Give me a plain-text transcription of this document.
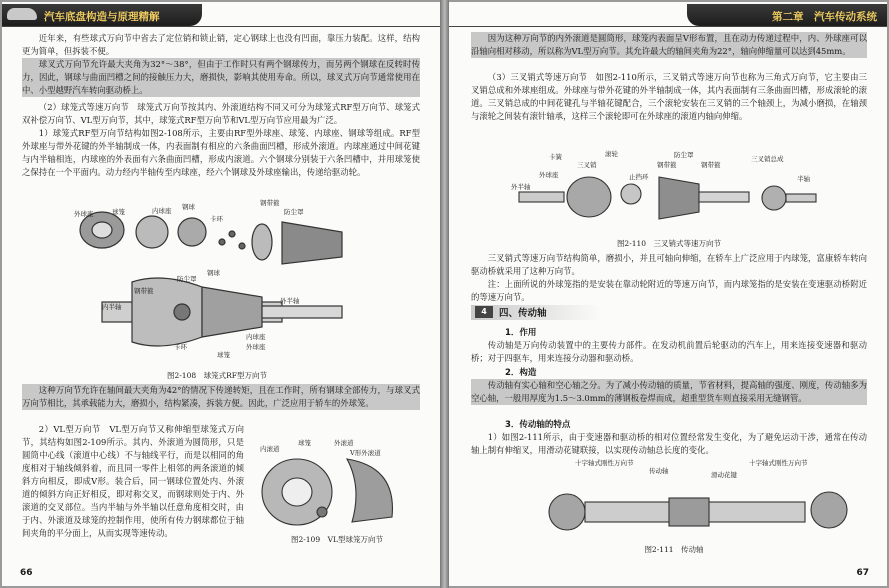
汽车底盘构造与原理精解

近年来，有些球式万向节中省去了定位销和锁止销，定心钢球上也没有凹面，靠压力装配。这样，结构更为简单，但拆装不便。

球叉式万向节允许最大夹角为32°～38°，但由于工作时只有两个钢球传力，而另两个钢球在反转时传力，因此，钢球与曲面凹槽之间的接触压力大，磨损快，影响其使用寿命。所以，球叉式万向节通常使用在中、小型越野汽车转向驱动桥上。

（2）球笼式等速万向节　球笼式万向节按其内、外滚道结构不同又可分为球笼式RF型万向节、球笼式双补偿万向节、VL型万向节，其中，球笼式RF型万向节和VL型万向节应用最为广泛。

1）球笼式RF型万向节结构如图2-108所示，主要由RF型外球座、球笼、内球座、钢球等组成。RF型外球座与带外花键的外半轴制成一体，内表面制有相应的六条曲面凹槽，形成外滚道。内球座通过中间花键与内半轴相连，内球座的外表面有六条曲面凹槽，形成内滚道。六个钢球分别装于六条凹槽中，并用球笼使之保持在一个平面内。动力经内半轴传至内球座，经六个钢球及外球座输出，传递给驱动轮。

外球座	球笼	内球座 钢球
卡环
钢带箍
防尘罩
防尘罩
钢带箍
内半轴
钢球
外半轴
卡环
球笼
外球座
内球座
图2-108　球笼式RF型万向节

这种万向节允许在轴间最大夹角为42°的情况下传递转矩，且在工作时，所有钢球全部传力，与球叉式万向节相比，其承载能力大，磨损小，结构紧凑，拆装方便。因此，广泛应用于轿车的外球笼。

2）VL型万向节　VL型万向节又称伸缩型球笼式万向节，其结构如图2-109所示。其内、外滚道为圆筒形，只是圆筒中心线（滚道中心线）不与轴线平行，而是以相同的角度相对于轴线倾斜着，而且同一零件上相邻的两条滚道的倾斜方向相反，即成V形。装合后，同一钢球位置处内、外滚道的倾斜方向正好相反，即对称交叉，而钢球则处于内、外滚道的交叉部位。当内半轴与外半轴以任意角度相交时，由于内、外滚道及球笼的控制作用，使所有传力钢球都位于轴间夹角的平分面上，从而实现等速传动。

球笼
内滚道
外滚道
V形外滚道
图2-109　VL型球笼万向节
66
第二章　汽车传动系统

因为这种万向节的内外滚道是圆筒形，球笼内表面呈V形布置，且在动力传递过程中，内、外球座可以沿轴向相对移动，所以称为VL型万向节。其允许最大的轴间夹角为22°，轴向伸缩量可以达到45mm。

（3）三叉销式等速万向节　如图2-110所示，三叉销式等速万向节也称为三角式万向节，它主要由三叉销总成和外球座组成。外球座与带外花键的外半轴制成一体，其内表面制有三条曲面凹槽，形成滚轮的滚道。三叉销总成的中间花键孔与半轴花键配合，三个滚轮安装在三叉销的三个轴颈上，为减小磨损，在轴颈与滚轮之间装有滚针轴承，这样三个滚轮即可在外球座的滚道内轴向伸缩。

卡簧
三叉销
滚轮	防尘罩
钢带箍
外球座	止挡环
钢带箍
外半轴
三叉销总成
半轴
图2-110　三叉销式等速万向节

三叉销式等速万向节结构简单，磨损小，并且可轴向伸缩，在轿车上广泛应用于内球笼，富康轿车转向驱动桥就采用了这种万向节。

注：上面所说的外球笼指的是安装在靠动轮附近的等速万向节，而内球笼指的是安装在变速驱动桥附近的等速万向节。

4 四、传动轴
1．作用

传动轴是万向传动装置中的主要传力部件。在发动机前置后轮驱动的汽车上，用来连接变速器和驱动桥；对于四驱车，用来连接分动器和驱动桥。

2．构造

传动轴有实心轴和空心轴之分。为了减小传动轴的质量，节省材料，提高轴的强度、刚度，传动轴多为空心轴，一般用厚度为1.5～3.0mm的薄钢板卷焊而成，超重型货车则直接采用无缝钢管。

3．传动轴的特点

1）如图2-111所示，由于变速器和驱动桥的相对位置经常发生变化，为了避免运动干涉，通常在传动轴上制有伸缩叉，用滑动花键联接，以实现传动轴总长度的变化。

十字轴式刚性万向节
传动轴	滑动花键
十字轴式刚性万向节
图2-111　传动轴
67
